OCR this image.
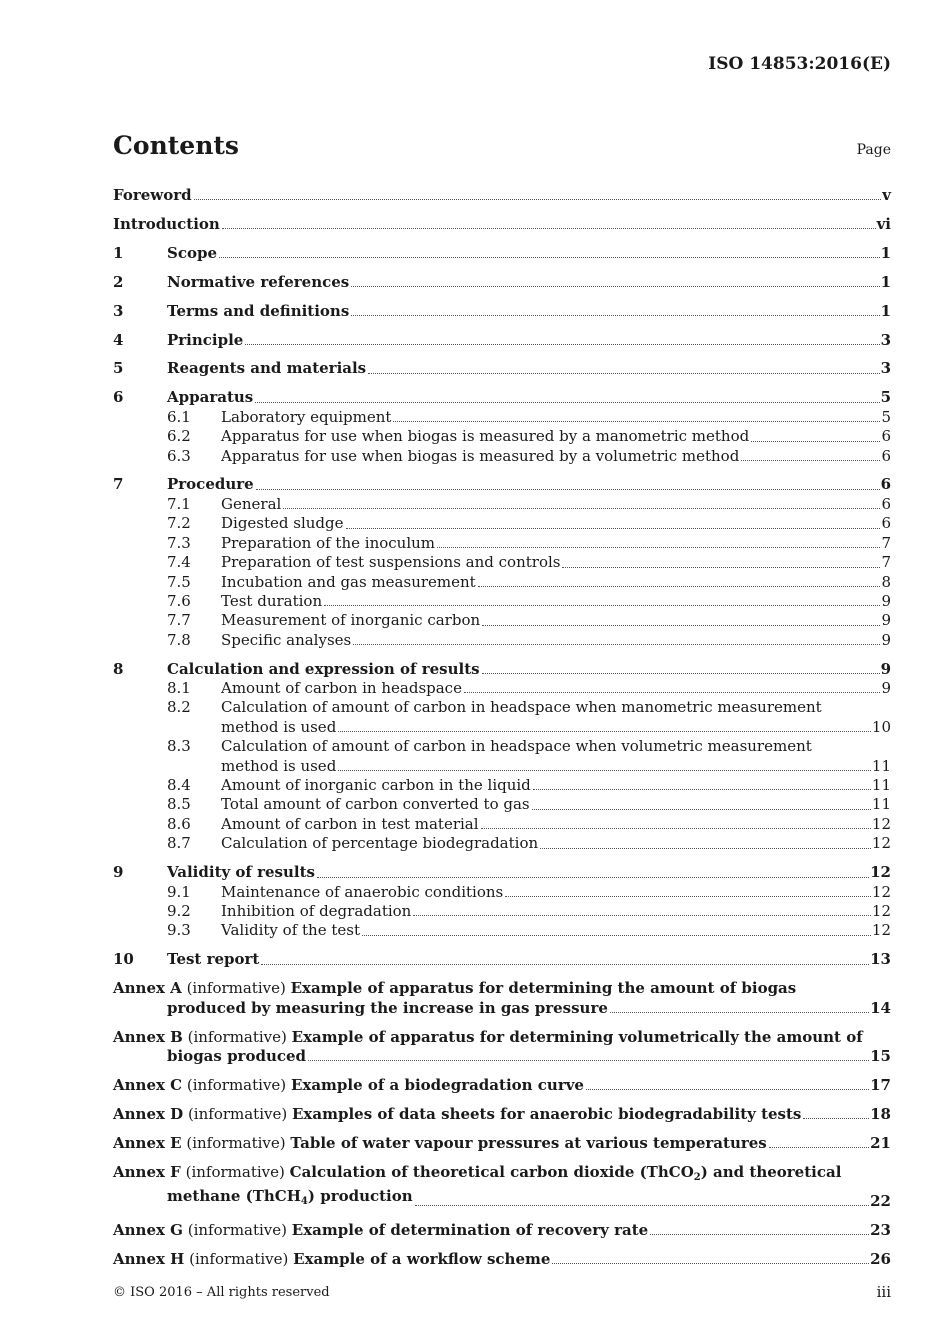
ISO 14853:2016(E)
Contents	Page
Foreword	v
Introduction	vi
1	Scope	1
2	Normative references	1
3	Terms and definitions	1
4	Principle	3
5	Reagents and materials	3
6	Apparatus	5
6.1	Laboratory equipment	5
6.2	Apparatus for use when biogas is measured by a manometric method	6
6.3	Apparatus for use when biogas is measured by a volumetric method	6
7	Procedure	6
7.1	General	6
7.2	Digested sludge	6
7.3	Preparation of the inoculum	7
7.4	Preparation of test suspensions and controls	7
7.5	Incubation and gas measurement	8
7.6	Test duration	9
7.7	Measurement of inorganic carbon	9
7.8	Specific analyses	9
8	Calculation and expression of results	9
8.1	Amount of carbon in headspace	9
8.2	Calculation of amount of carbon in headspace when manometric measurement
method is used	10
8.3	Calculation of amount of carbon in headspace when volumetric measurement
method is used	11
8.4	Amount of inorganic carbon in the liquid	11
8.5	Total amount of carbon converted to gas	11
8.6	Amount of carbon in test material	12
8.7	Calculation of percentage biodegradation	12
9	Validity of results	12
9.1	Maintenance of anaerobic conditions	12
9.2	Inhibition of degradation	12
9.3	Validity of the test	12
10	Test report	13
Annex A (informative) Example of apparatus for determining the amount of biogas
produced by measuring the increase in gas pressure	14
Annex B (informative) Example of apparatus for determining volumetrically the amount of
biogas produced	15
Annex C (informative) Example of a biodegradation curve	17
Annex D (informative) Examples of data sheets for anaerobic biodegradability tests	18
Annex E (informative) Table of water vapour pressures at various temperatures	21
Annex F (informative) Calculation of theoretical carbon dioxide (ThCO$_2$) and theoretical
methane (ThCH$_4$) production	22
Annex G (informative) Example of determination of recovery rate	23
Annex H (informative) Example of a workflow scheme	26
© ISO 2016 – All rights reserved	iii
